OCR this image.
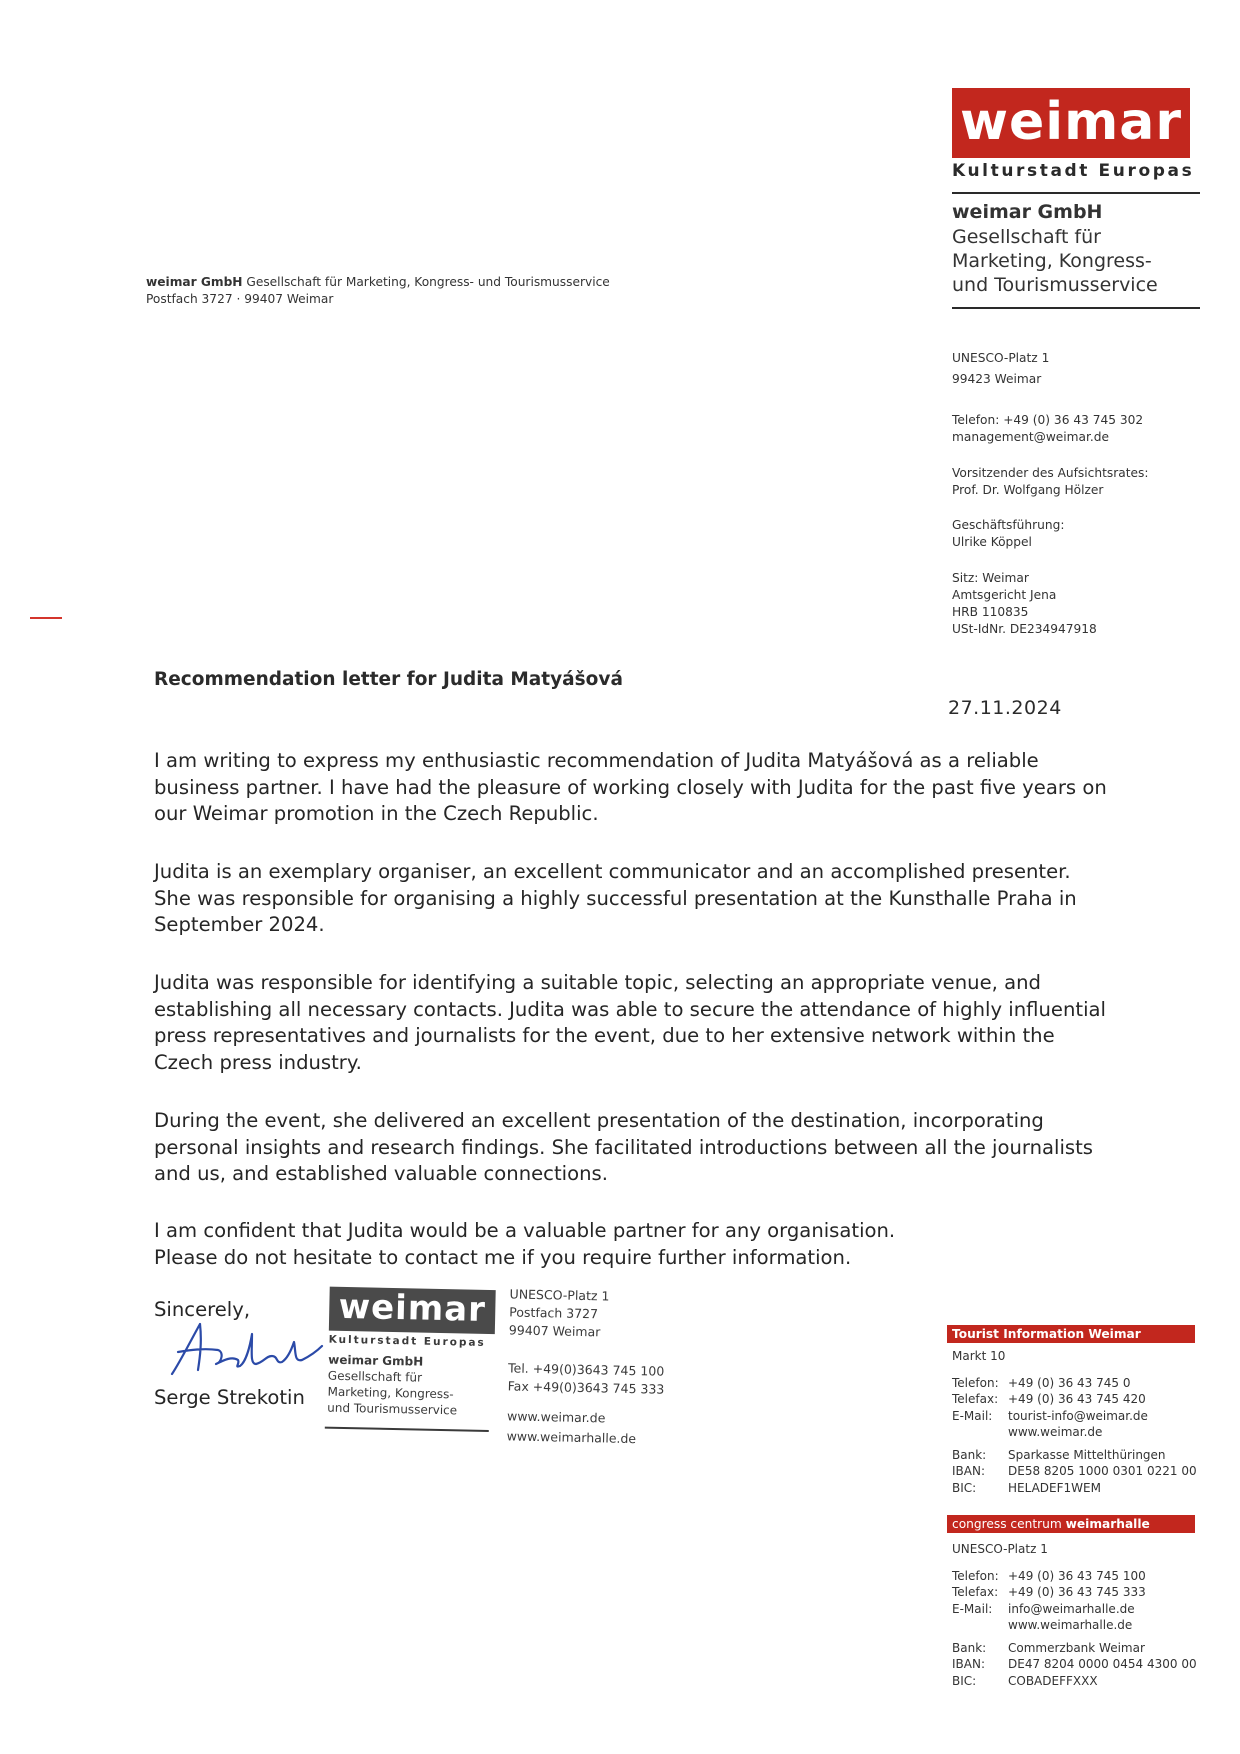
weimar
Kulturstadt Europas
weimar GmbH
Gesellschaft für
Marketing, Kongress-
und Tourismusservice
UNESCO-Platz 1
99423 Weimar
Telefon: +49 (0) 36 43 745 302
management@weimar.de
Vorsitzender des Aufsichtsrates:
Prof. Dr. Wolfgang Hölzer
Geschäftsführung:
Ulrike Köppel
Sitz: Weimar
Amtsgericht Jena
HRB 110835
USt-IdNr. DE234947918
weimar GmbH Gesellschaft für Marketing, Kongress- und Tourismusservice
Postfach 3727 · 99407 Weimar
Recommendation letter for Judita Matyášová
27.11.2024
I am writing to express my enthusiastic recommendation of Judita Matyášová as a reliable
business partner. I have had the pleasure of working closely with Judita for the past five years on
our Weimar promotion in the Czech Republic.
Judita is an exemplary organiser, an excellent communicator and an accomplished presenter.
She was responsible for organising a highly successful presentation at the Kunsthalle Praha in
September 2024.
Judita was responsible for identifying a suitable topic, selecting an appropriate venue, and
establishing all necessary contacts. Judita was able to secure the attendance of highly influential
press representatives and journalists for the event, due to her extensive network within the
Czech press industry.
During the event, she delivered an excellent presentation of the destination, incorporating
personal insights and research findings. She facilitated introductions between all the journalists
and us, and established valuable connections.
I am confident that Judita would be a valuable partner for any organisation.
Please do not hesitate to contact me if you require further information.
Sincerely,
Serge Strekotin
weimar
Kulturstadt Europas
weimar GmbH
Gesellschaft für
Marketing, Kongress-
und Tourismusservice
UNESCO-Platz 1
Postfach 3727
99407 Weimar
Tel. +49(0)3643 745 100
Fax +49(0)3643 745 333
www.weimar.de
www.weimarhalle.de
Tourist Information Weimar
Markt 10
Telefon: +49 (0) 36 43 745 0
Telefax: +49 (0) 36 43 745 420
E-Mail:	tourist-info@weimar.de
www.weimar.de
Bank:	Sparkasse Mittelthüringen
IBAN:	DE58 8205 1000 0301 0221 00
BIC:	HELADEF1WEM
congress centrum weimarhalle
UNESCO-Platz 1
Telefon: +49 (0) 36 43 745 100
Telefax: +49 (0) 36 43 745 333
E-Mail:	info@weimarhalle.de
www.weimarhalle.de
Bank:	Commerzbank Weimar
IBAN:	DE47 8204 0000 0454 4300 00
BIC:	COBADEFFXXX
